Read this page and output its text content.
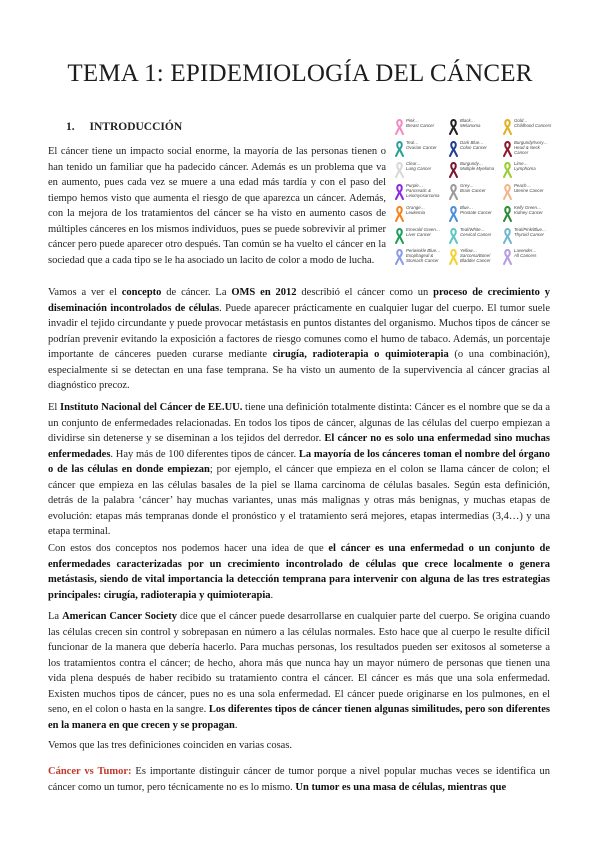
TEMA 1: EPIDEMIOLOGÍA DEL CÁNCER
1. INTRODUCCIÓN
El cáncer tiene un impacto social enorme, la mayoría de las personas tienen o han tenido un familiar que ha padecido cáncer. Además es un problema que va en aumento, pues cada vez se muere a una edad más tardía y con el paso del tiempo hemos visto que aumenta el riesgo de que aparezca un cáncer. Además, con la mejora de los tratamientos del cáncer se ha visto en aumento casos de múltiples cánceres en los mismos individuos, pues se puede sobrevivir al primer cáncer pero puede aparecer otro después. Tan común se ha vuelto el cáncer en la sociedad que a cada tipo se le ha asociado un lacito de color a modo de lucha.
Pink…
Breast Cancer
Black…
Melanoma
Gold…
Childhood Cancers
Teal…
Ovarian Cancer
Dark Blue…
Colon Cancer
Burgundy/Ivory…
Head & Neck Cancer
Clear…
Lung Cancer
Burgundy…
Multiple Myeloma
Lime…
Lymphoma
Purple…
Pancreatic &
Leiomyosarcoma
Grey…
Brain Cancer
Peach…
Uterine Cancer
Orange…
Leukemia
Blue…
Prostate Cancer
Kelly Green…
Kidney Cancer
Emerald Green…
Liver Cancer
Teal/White…
Cervical Cancer
Teal/Pink/Blue…
Thyroid Cancer
Periwinkle Blue…
Esophageal &
Stomach Cancer
Yellow…
Sarcoma/Bone/
Bladder Cancer
Lavender…
All Cancers

Vamos a ver el concepto de cáncer. La OMS en 2012 describió el cáncer como un proceso de crecimiento y diseminación incontrolados de células. Puede aparecer prácticamente en cualquier lugar del cuerpo. El tumor suele invadir el tejido circundante y puede provocar metástasis en puntos distantes del organismo. Muchos tipos de cáncer se podrían prevenir evitando la exposición a factores de riesgo comunes como el humo de tabaco. Además, un porcentaje importante de cánceres pueden curarse mediante cirugía, radioterapia o quimioterapia (o una combinación), especialmente si se detectan en una fase temprana. Se ha visto un aumento de la supervivencia al cáncer gracias al diagnóstico precoz.

El Instituto Nacional del Cáncer de EE.UU. tiene una definición totalmente distinta: Cáncer es el nombre que se da a un conjunto de enfermedades relacionadas. En todos los tipos de cáncer, algunas de las células del cuerpo empiezan a dividirse sin detenerse y se diseminan a los tejidos del derredor. El cáncer no es solo una enfermedad sino muchas enfermedades. Hay más de 100 diferentes tipos de cáncer. La mayoría de los cánceres toman el nombre del órgano o de las células en donde empiezan; por ejemplo, el cáncer que empieza en el colon se llama cáncer de colon; el cáncer que empieza en las células basales de la piel se llama carcinoma de células basales. Según esta definición, detrás de la palabra ‘cáncer’ hay muchas variantes, unas más malignas y otras más benignas, y muchas etapas de evolución: etapas más tempranas donde el pronóstico y el tratamiento será mejores, etapas intermedias (3,4…) y una etapa terminal.

Con estos dos conceptos nos podemos hacer una idea de que el cáncer es una enfermedad o un conjunto de enfermedades caracterizadas por un crecimiento incontrolado de células que crece localmente o genera metástasis, siendo de vital importancia la detección temprana para intervenir con alguna de las tres estrategias principales: cirugía, radioterapia y quimioterapia.

La American Cancer Society dice que el cáncer puede desarrollarse en cualquier parte del cuerpo. Se origina cuando las células crecen sin control y sobrepasan en número a las células normales. Esto hace que al cuerpo le resulte difícil funcionar de la manera que debería hacerlo. Para muchas personas, los resultados pueden ser exitosos al someterse a los tratamientos contra el cáncer; de hecho, ahora más que nunca hay un mayor número de personas que tienen una vida plena después de haber recibido su tratamiento contra el cáncer. El cáncer es más que una sola enfermedad. Existen muchos tipos de cáncer, pues no es una sola enfermedad. El cáncer puede originarse en los pulmones, en el seno, en el colon o hasta en la sangre. Los diferentes tipos de cáncer tienen algunas similitudes, pero son diferentes en la manera en que crecen y se propagan.

Vemos que las tres definiciones coinciden en varias cosas.

Cáncer vs Tumor: Es importante distinguir cáncer de tumor porque a nivel popular muchas veces se identifica un cáncer como un tumor, pero técnicamente no es lo mismo. Un tumor es una masa de células, mientras que
